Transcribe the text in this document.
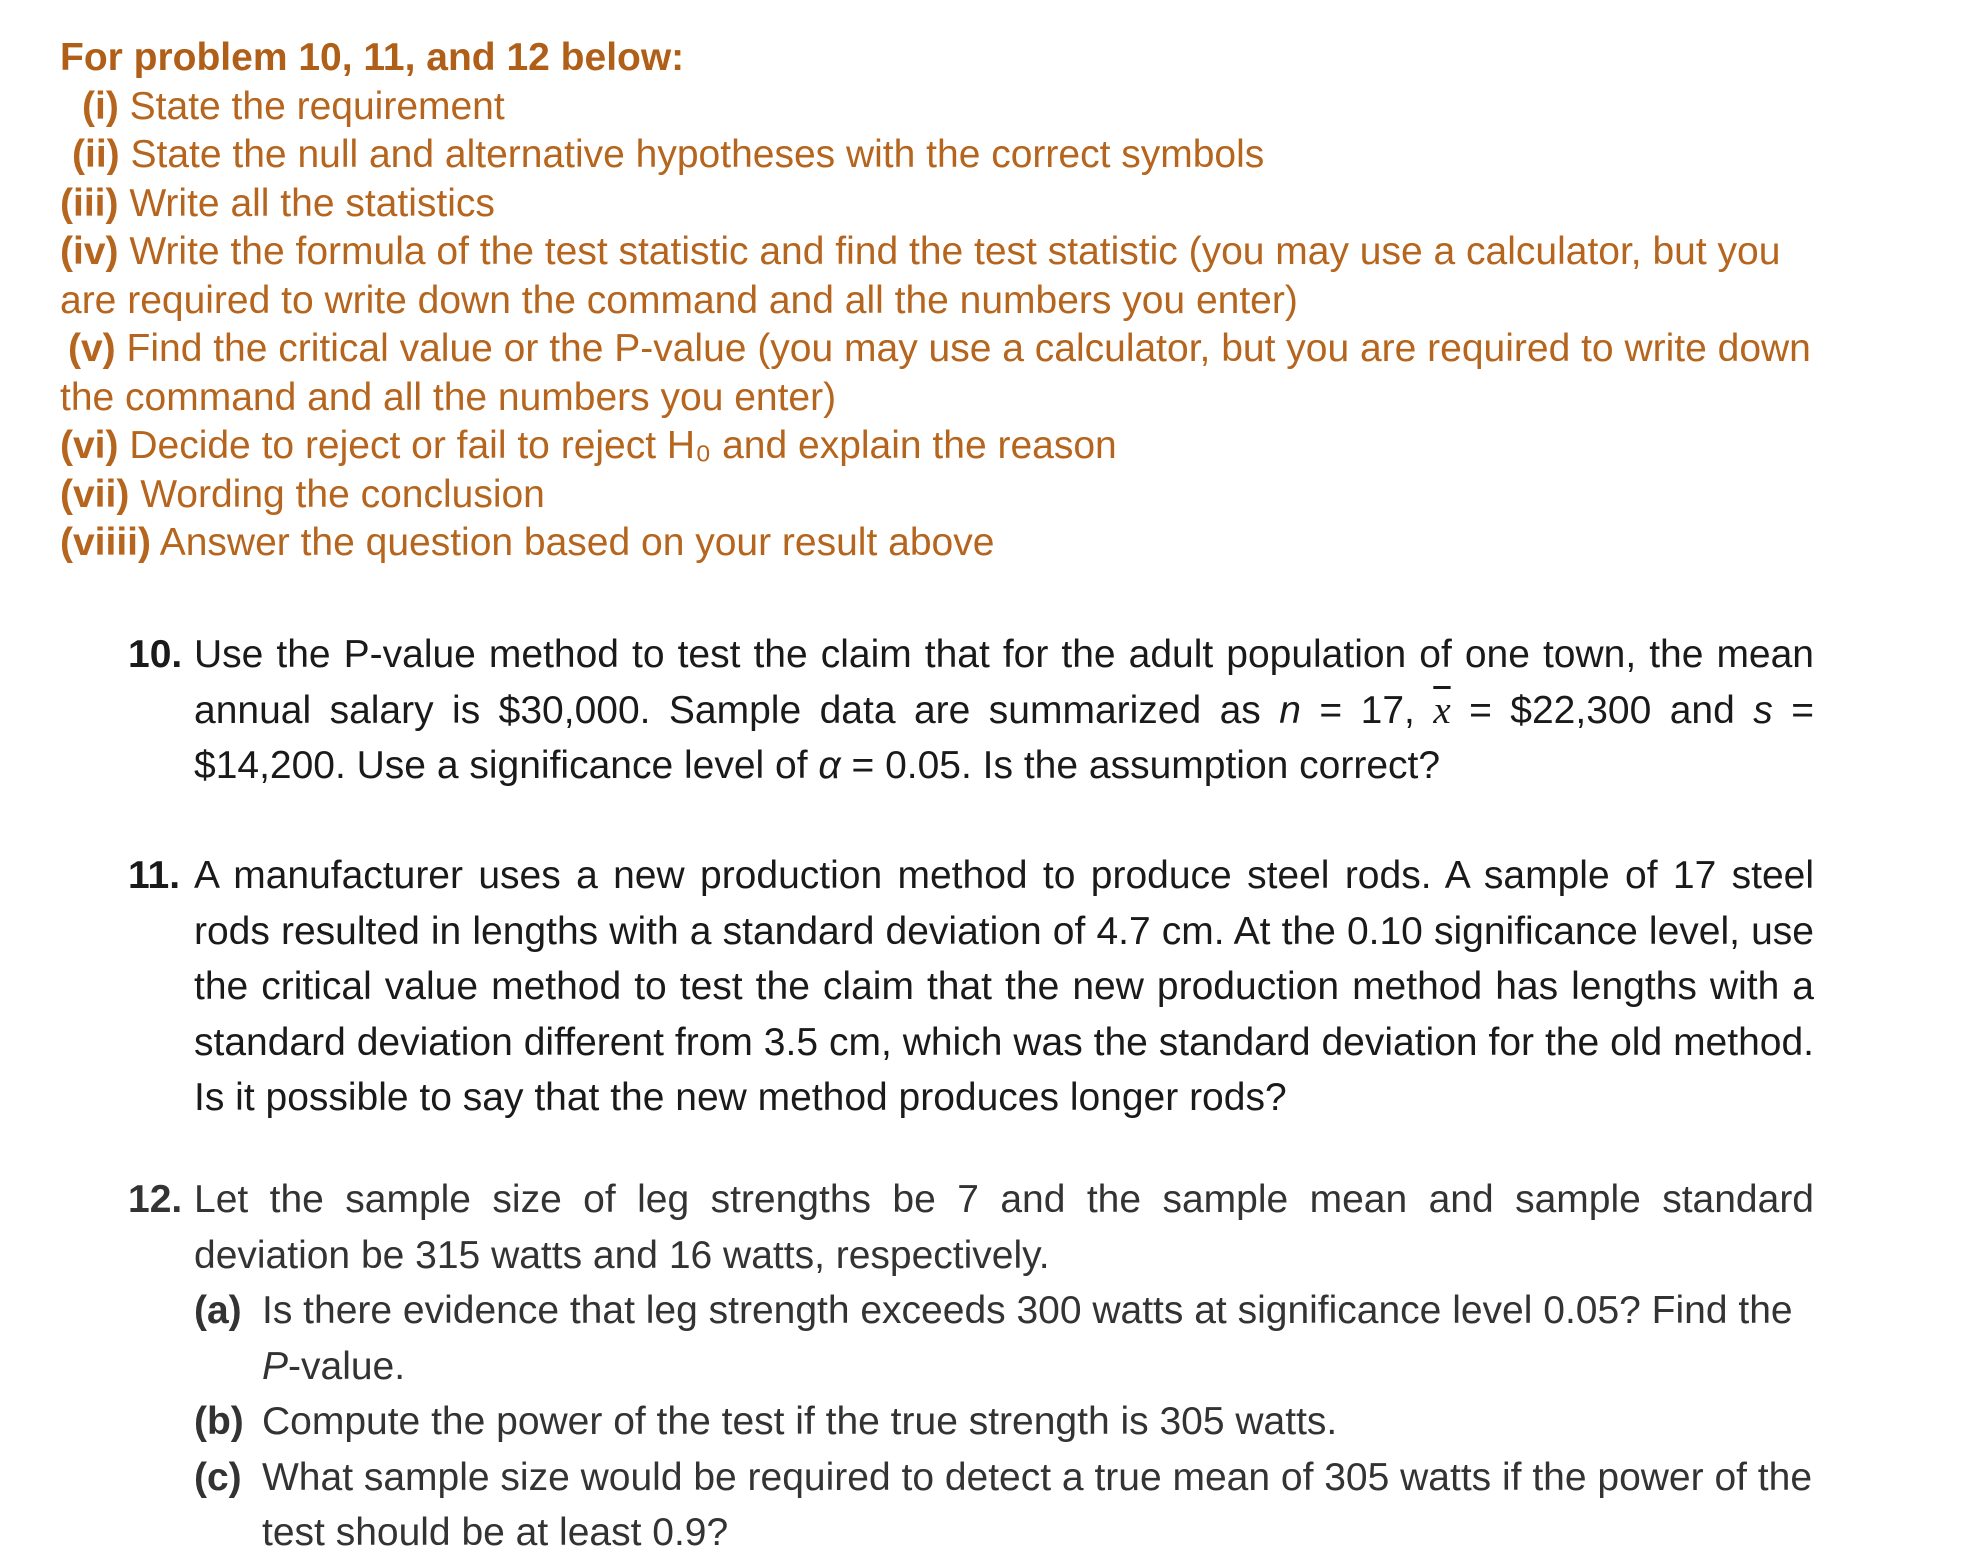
For problem 10, 11, and 12 below:
(i) State the requirement
(ii) State the null and alternative hypotheses with the correct symbols
(iii) Write all the statistics
(iv) Write the formula of the test statistic and find the test statistic (you may use a calculator, but you are required to write down the command and all the numbers you enter)
(v) Find the critical value or the P-value (you may use a calculator, but you are required to write down the command and all the numbers you enter)
(vi) Decide to reject or fail to reject H₀ and explain the reason
(vii) Wording the conclusion
(viiii) Answer the question based on your result above
10. Use the P-value method to test the claim that for the adult population of one town, the mean annual salary is $30,000. Sample data are summarized as n = 17, $\overline{x}$ = $22,300 and s = $14,200. Use a significance level of α = 0.05. Is the assumption correct?
11. A manufacturer uses a new production method to produce steel rods. A sample of 17 steel rods resulted in lengths with a standard deviation of 4.7 cm. At the 0.10 significance level, use the critical value method to test the claim that the new production method has lengths with a standard deviation different from 3.5 cm, which was the standard deviation for the old method. Is it possible to say that the new method produces longer rods?
12. Let the sample size of leg strengths be 7 and the sample mean and sample standard deviation be 315 watts and 16 watts, respectively.
(a) Is there evidence that leg strength exceeds 300 watts at significance level 0.05? Find the P-value.
(b) Compute the power of the test if the true strength is 305 watts.
(c) What sample size would be required to detect a true mean of 305 watts if the power of the test should be at least 0.9?
